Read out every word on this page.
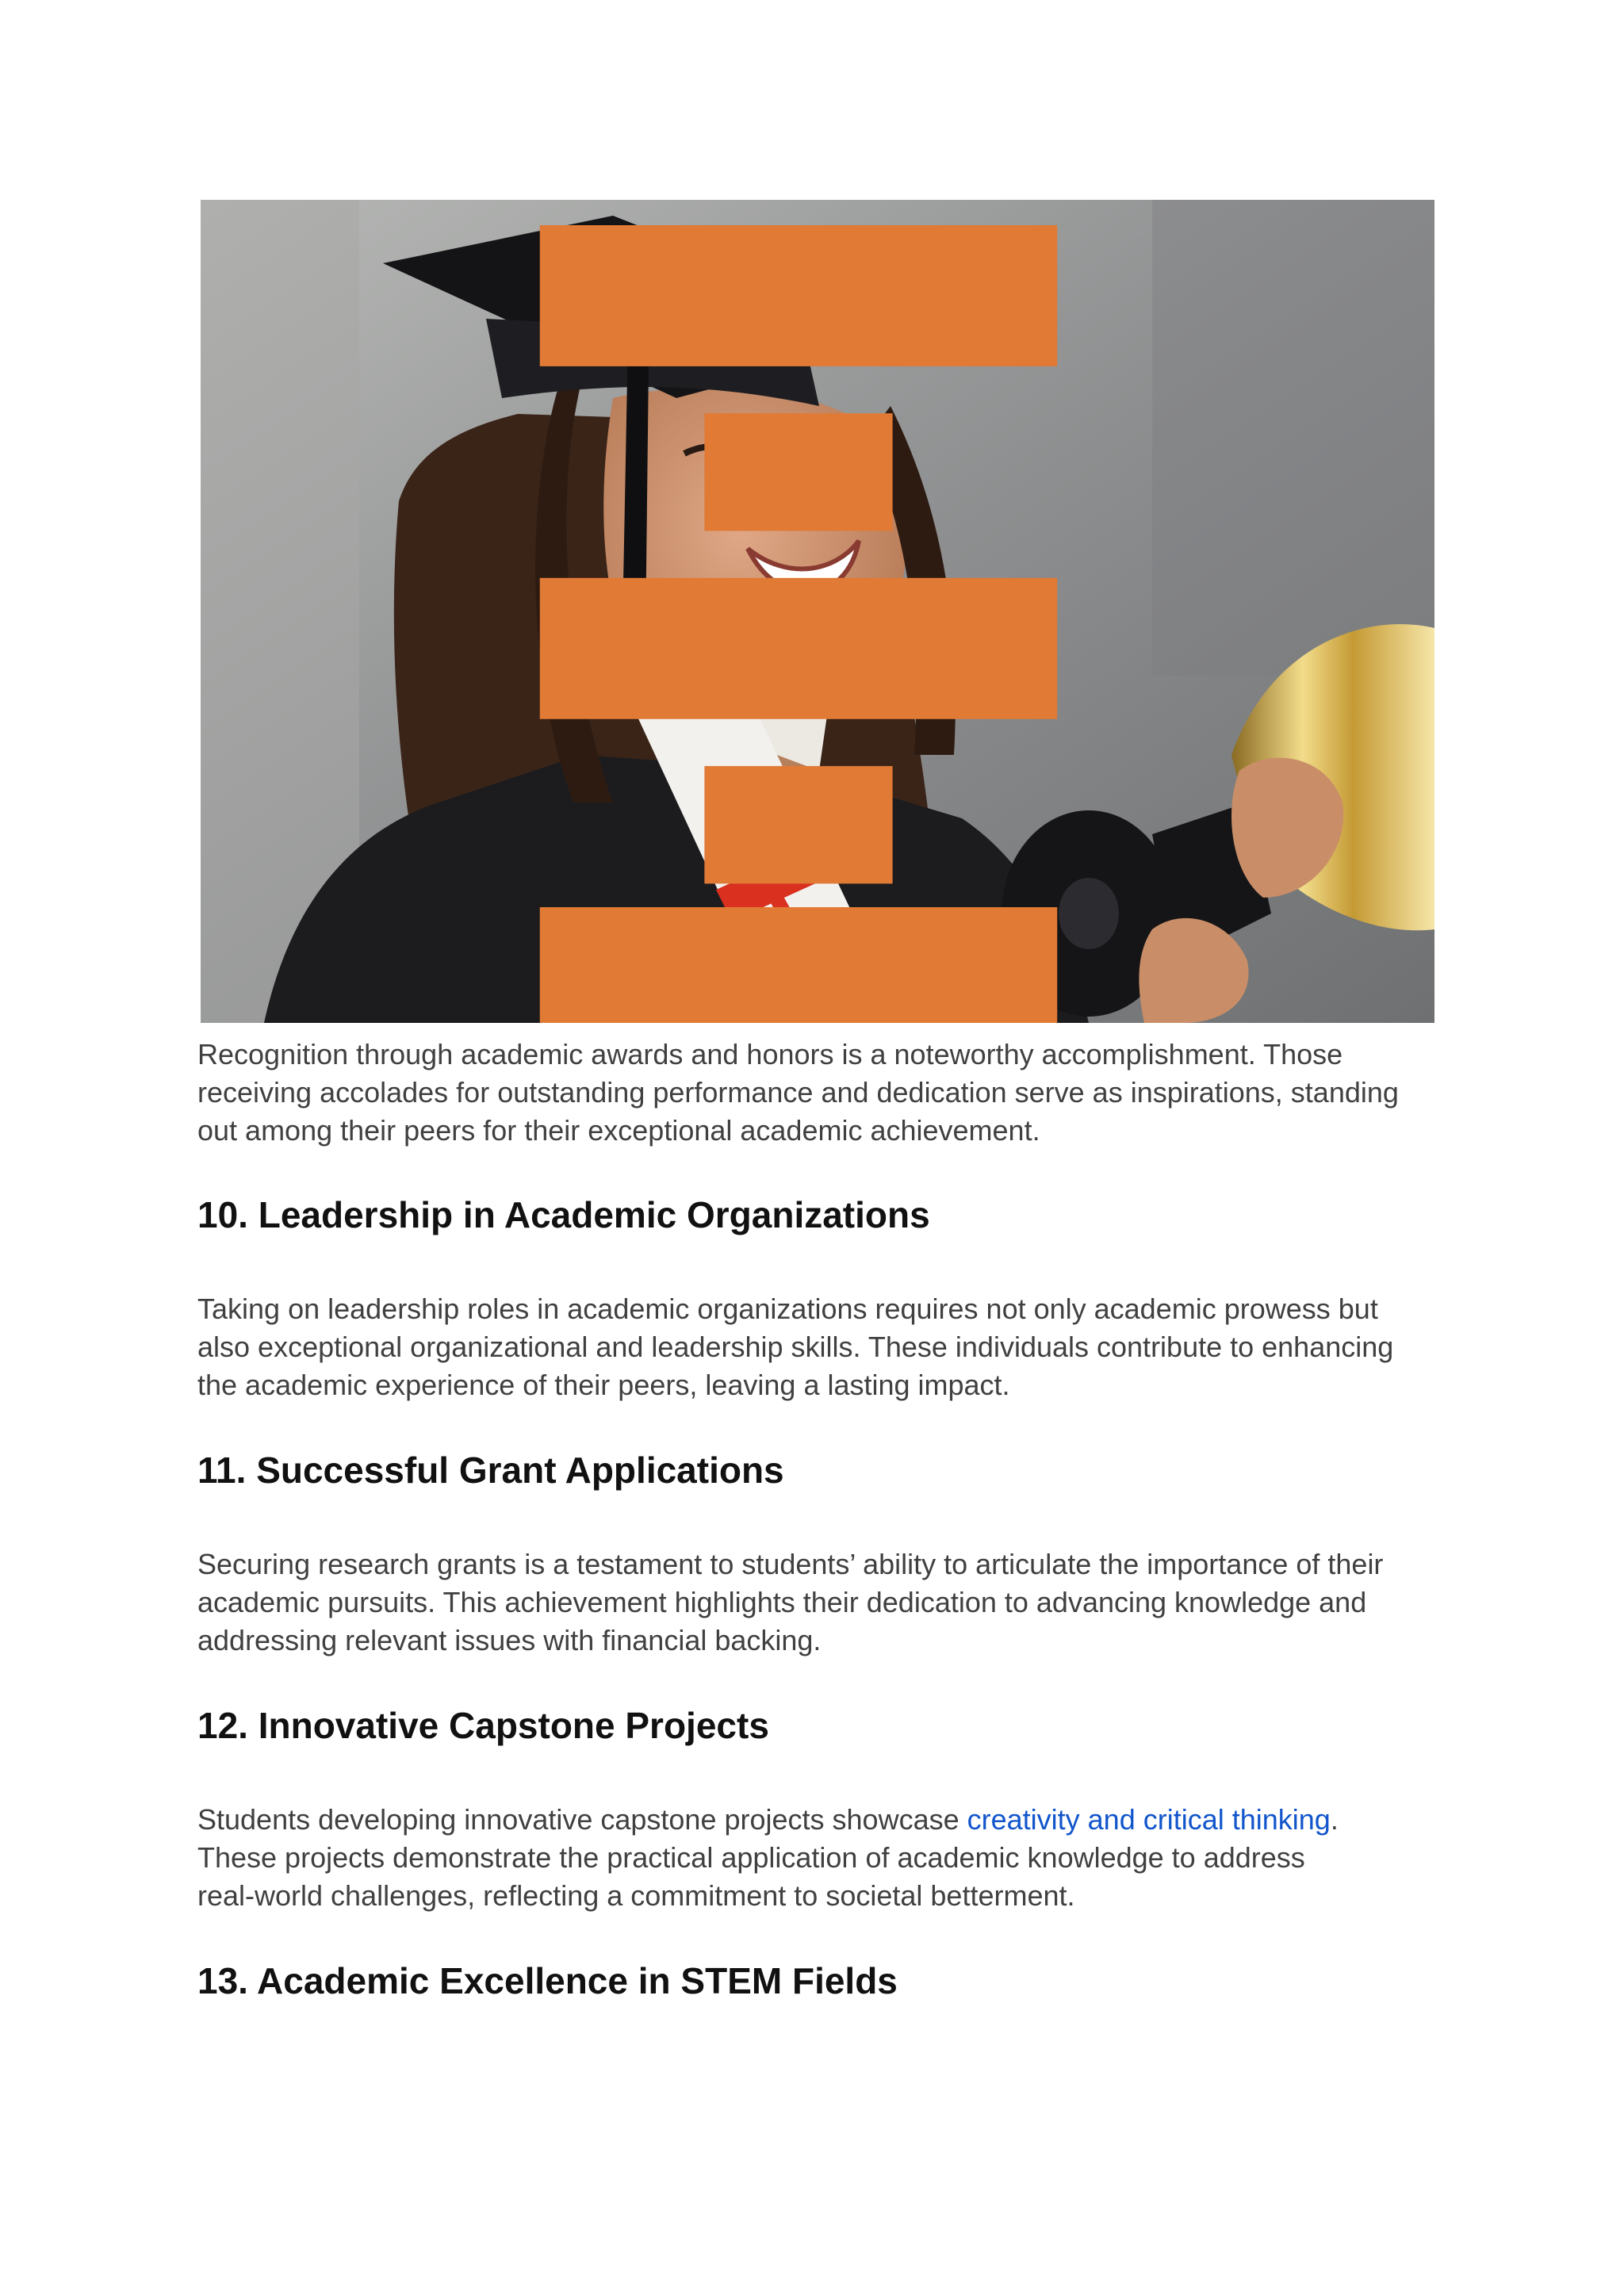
Recognition through academic awards and honors is a noteworthy accomplishment. Those
receiving accolades for outstanding performance and dedication serve as inspirations, standing
out among their peers for their exceptional academic achievement.

10. Leadership in Academic Organizations

Taking on leadership roles in academic organizations requires not only academic prowess but
also exceptional organizational and leadership skills. These individuals contribute to enhancing
the academic experience of their peers, leaving a lasting impact.

11. Successful Grant Applications

Securing research grants is a testament to students’ ability to articulate the importance of their
academic pursuits. This achievement highlights their dedication to advancing knowledge and
addressing relevant issues with financial backing.

12. Innovative Capstone Projects

Students developing innovative capstone projects showcase creativity and critical thinking.
These projects demonstrate the practical application of academic knowledge to address
real-world challenges, reflecting a commitment to societal betterment.

13. Academic Excellence in STEM Fields
